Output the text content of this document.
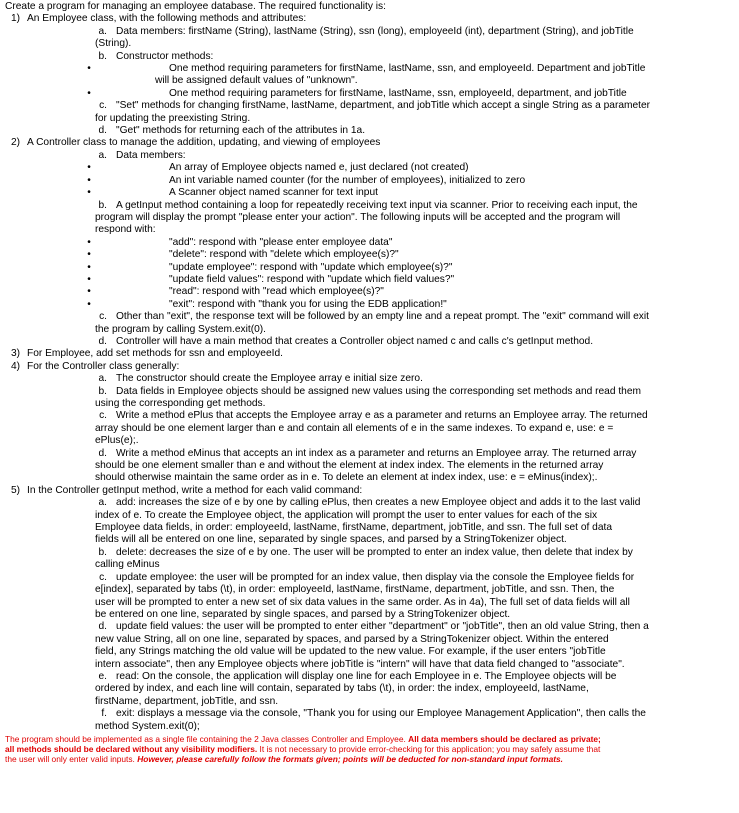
Create a program for managing an employee database. The required functionality is:
1) An Employee class, with the following methods and attributes:
a. Data members: firstName (String), lastName (String), ssn (long), employeeId (int), department (String), and jobTitle
(String).
b. Constructor methods:
•	One method requiring parameters for firstName, lastName, ssn, and employeeId. Department and jobTitle
will be assigned default values of "unknown".
•	One method requiring parameters for firstName, lastName, ssn, employeeId, department, and jobTitle
c. "Set" methods for changing firstName, lastName, department, and jobTitle which accept a single String as a parameter
for updating the preexisting String.
d. "Get" methods for returning each of the attributes in 1a.
2) A Controller class to manage the addition, updating, and viewing of employees
a. Data members:
•	An array of Employee objects named e, just declared (not created)
•	An int variable named counter (for the number of employees), initialized to zero
•	A Scanner object named scanner for text input
b. A getInput method containing a loop for repeatedly receiving text input via scanner. Prior to receiving each input, the
program will display the prompt "please enter your action". The following inputs will be accepted and the program will
respond with:
•	"add": respond with "please enter employee data"
•	"delete": respond with "delete which employee(s)?"
•	"update employee": respond with "update which employee(s)?"
•	"update field values": respond with "update which field values?"
•	"read": respond with "read which employee(s)?"
•	"exit": respond with "thank you for using the EDB application!"
c. Other than "exit", the response text will be followed by an empty line and a repeat prompt. The "exit" command will exit
the program by calling System.exit(0).
d. Controller will have a main method that creates a Controller object named c and calls c's getInput method.
3) For Employee, add set methods for ssn and employeeId.
4) For the Controller class generally:
a. The constructor should create the Employee array e initial size zero.
b. Data fields in Employee objects should be assigned new values using the corresponding set methods and read them
using the corresponding get methods.
c. Write a method ePlus that accepts the Employee array e as a parameter and returns an Employee array. The returned
array should be one element larger than e and contain all elements of e in the same indexes. To expand e, use: e =
ePlus(e);.
d. Write a method eMinus that accepts an int index as a parameter and returns an Employee array. The returned array
should be one element smaller than e and without the element at index index. The elements in the returned array
should otherwise maintain the same order as in e. To delete an element at index index, use: e = eMinus(index);.
5) In the Controller getInput method, write a method for each valid command:
a. add: increases the size of e by one by calling ePlus, then creates a new Employee object and adds it to the last valid
index of e. To create the Employee object, the application will prompt the user to enter values for each of the six
Employee data fields, in order: employeeId, lastName, firstName, department, jobTitle, and ssn. The full set of data
fields will all be entered on one line, separated by single spaces, and parsed by a StringTokenizer object.
b. delete: decreases the size of e by one. The user will be prompted to enter an index value, then delete that index by
calling eMinus
c. update employee: the user will be prompted for an index value, then display via the console the Employee fields for
e[index], separated by tabs (\t), in order: employeeId, lastName, firstName, department, jobTitle, and ssn. Then, the
user will be prompted to enter a new set of six data values in the same order. As in 4a), The full set of data fields will all
be entered on one line, separated by single spaces, and parsed by a StringTokenizer object.
d. update field values: the user will be prompted to enter either "department" or "jobTitle", then an old value String, then a
new value String, all on one line, separated by spaces, and parsed by a StringTokenizer object. Within the entered
field, any Strings matching the old value will be updated to the new value. For example, if the user enters "jobTitle
intern associate", then any Employee objects where jobTitle is "intern" will have that data field changed to "associate".
e. read: On the console, the application will display one line for each Employee in e. The Employee objects will be
ordered by index, and each line will contain, separated by tabs (\t), in order: the index, employeeId, lastName,
firstName, department, jobTitle, and ssn.
f. exit: displays a message via the console, "Thank you for using our Employee Management Application", then calls the
method System.exit(0);
The program should be implemented as a single file containing the 2 Java classes Controller and Employee. All data members should be declared as private;
all methods should be declared without any visibility modifiers. It is not necessary to provide error-checking for this application; you may safely assume that
the user will only enter valid inputs. However, please carefully follow the formats given; points will be deducted for non-standard input formats.
